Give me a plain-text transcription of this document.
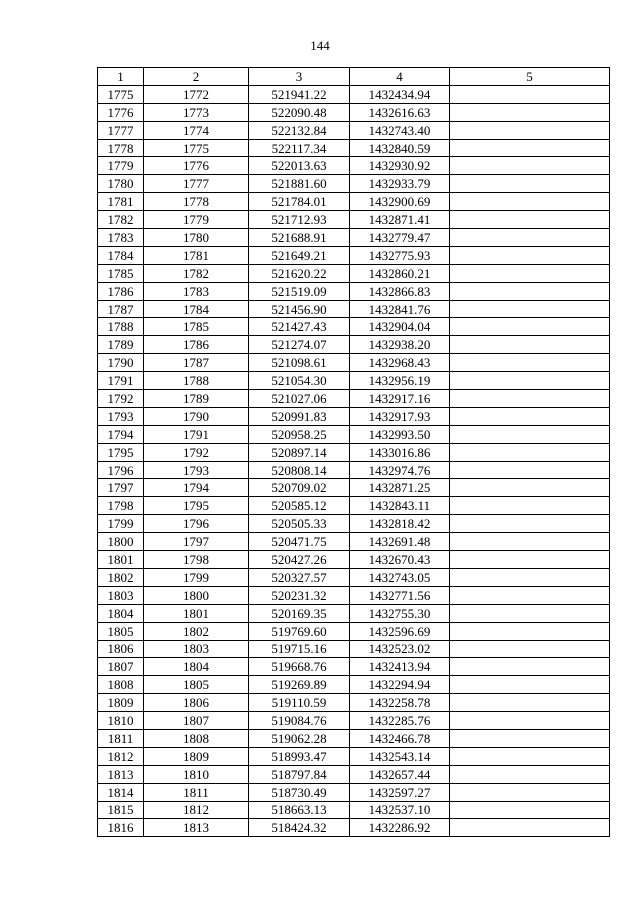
144
1	2	3	4	5
1775	1772	521941.22	1432434.94	
1776	1773	522090.48	1432616.63	
1777	1774	522132.84	1432743.40	
1778	1775	522117.34	1432840.59	
1779	1776	522013.63	1432930.92	
1780	1777	521881.60	1432933.79	
1781	1778	521784.01	1432900.69	
1782	1779	521712.93	1432871.41	
1783	1780	521688.91	1432779.47	
1784	1781	521649.21	1432775.93	
1785	1782	521620.22	1432860.21	
1786	1783	521519.09	1432866.83	
1787	1784	521456.90	1432841.76	
1788	1785	521427.43	1432904.04	
1789	1786	521274.07	1432938.20	
1790	1787	521098.61	1432968.43	
1791	1788	521054.30	1432956.19	
1792	1789	521027.06	1432917.16	
1793	1790	520991.83	1432917.93	
1794	1791	520958.25	1432993.50	
1795	1792	520897.14	1433016.86	
1796	1793	520808.14	1432974.76	
1797	1794	520709.02	1432871.25	
1798	1795	520585.12	1432843.11	
1799	1796	520505.33	1432818.42	
1800	1797	520471.75	1432691.48	
1801	1798	520427.26	1432670.43	
1802	1799	520327.57	1432743.05	
1803	1800	520231.32	1432771.56	
1804	1801	520169.35	1432755.30	
1805	1802	519769.60	1432596.69	
1806	1803	519715.16	1432523.02	
1807	1804	519668.76	1432413.94	
1808	1805	519269.89	1432294.94	
1809	1806	519110.59	1432258.78	
1810	1807	519084.76	1432285.76	
1811	1808	519062.28	1432466.78	
1812	1809	518993.47	1432543.14	
1813	1810	518797.84	1432657.44	
1814	1811	518730.49	1432597.27	
1815	1812	518663.13	1432537.10	
1816	1813	518424.32	1432286.92	
